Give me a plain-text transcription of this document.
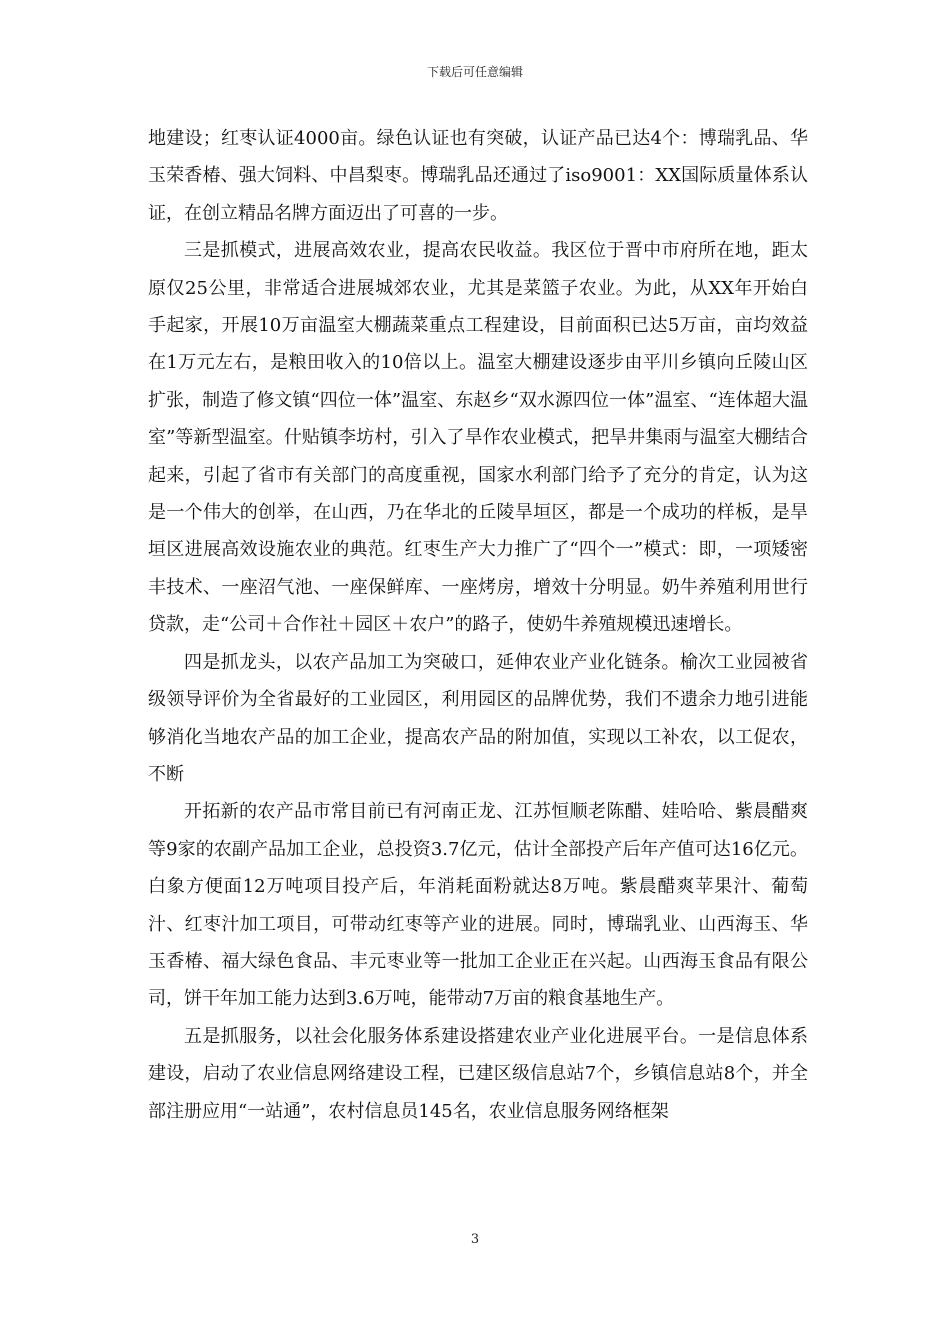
下载后可任意编辑

地建设；红枣认证4000亩。绿色认证也有突破，认证产品已达4个：博瑞乳品、华玉荣香椿、强大饲料、中昌梨枣。博瑞乳品还通过了iso9001：XX国际质量体系认证，在创立精品名牌方面迈出了可喜的一步。

三是抓模式，进展高效农业，提高农民收益。我区位于晋中市府所在地，距太原仅25公里，非常适合进展城郊农业，尤其是菜篮子农业。为此，从XX年开始白手起家，开展10万亩温室大棚蔬菜重点工程建设，目前面积已达5万亩，亩均效益在1万元左右，是粮田收入的10倍以上。温室大棚建设逐步由平川乡镇向丘陵山区扩张，制造了修文镇“四位一体”温室、东赵乡“双水源四位一体”温室、“连体超大温室”等新型温室。什贴镇李坊村，引入了旱作农业模式，把旱井集雨与温室大棚结合起来，引起了省市有关部门的高度重视，国家水利部门给予了充分的肯定，认为这是一个伟大的创举，在山西，乃在华北的丘陵旱垣区，都是一个成功的样板，是旱垣区进展高效设施农业的典范。红枣生产大力推广了“四个一”模式：即，一项矮密丰技术、一座沼气池、一座保鲜库、一座烤房，增效十分明显。奶牛养殖利用世行贷款，走“公司＋合作社＋园区＋农户”的路子，使奶牛养殖规模迅速增长。

四是抓龙头，以农产品加工为突破口，延伸农业产业化链条。榆次工业园被省级领导评价为全省最好的工业园区，利用园区的品牌优势，我们不遗余力地引进能够消化当地农产品的加工企业，提高农产品的附加值，实现以工补农，以工促农，不断

开拓新的农产品市常目前已有河南正龙、江苏恒顺老陈醋、娃哈哈、紫晨醋爽等9家的农副产品加工企业，总投资3.7亿元，估计全部投产后年产值可达16亿元。白象方便面12万吨项目投产后，年消耗面粉就达8万吨。紫晨醋爽苹果汁、葡萄汁、红枣汁加工项目，可带动红枣等产业的进展。同时，博瑞乳业、山西海玉、华玉香椿、福大绿色食品、丰元枣业等一批加工企业正在兴起。山西海玉食品有限公司，饼干年加工能力达到3.6万吨，能带动7万亩的粮食基地生产。

五是抓服务，以社会化服务体系建设搭建农业产业化进展平台。一是信息体系建设，启动了农业信息网络建设工程，已建区级信息站7个，乡镇信息站8个，并全部注册应用“一站通”，农村信息员145名，农业信息服务网络框架

3
